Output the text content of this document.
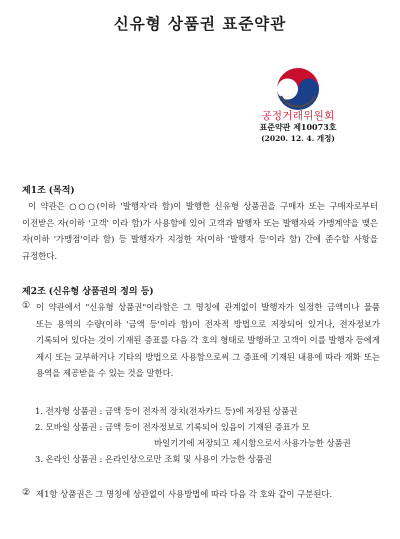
신유형 상품권 표준약관
공정거래위원회
표준약관 제10073호
(2020. 12. 4. 개정)
제1조 (목적)
이 약관은 ○○○(이하 '발행자'라 함)이 발행한 신유형 상품권을 구매자 또는 구매자로부터 이전받은 자(이하 '고객' 이라 함)가 사용함에 있어 고객과 발행자 또는 발행자와 가맹계약을 맺은 자(이하 '가맹점'이라 함) 등 발행자가 지정한 자(이하 '발행자 등'이라 함) 간에 준수할 사항을 규정한다.
제2조 (신유형 상품권의 정의 등)
① 이 약관에서 "신유형 상품권"이라함은 그 명칭에 관계없이 발행자가 일정한 금액이나 물품 또는 용역의 수량(이하 '금액 등'이라 함)이 전자적 방법으로 저장되어 있거나, 전자정보가 기록되어 있다는 것이 기재된 증표를 다음 각 호의 형태로 발행하고 고객이 이를 발행자 등에게 제시 또는 교부하거나 기타의 방법으로 사용함으로써 그 증표에 기재된 내용에 따라 재화 또는 용역을 제공받을 수 있는 것을 말한다.
1. 전자형 상품권 : 금액 등이 전자적 장치(전자카드 등)에 저장된 상품권
2. 모바일 상품권 : 금액 등이 전자정보로 기록되어 있음이 기재된 증표가 모
바일기기에 저장되고 제시함으로서 사용가능한 상품권
3. 온라인 상품권 : 온라인상으로만 조회 및 사용이 가능한 상품권
② 제1항 상품권은 그 명칭에 상관없이 사용방법에 따라 다음 각 호와 같이 구분된다.
